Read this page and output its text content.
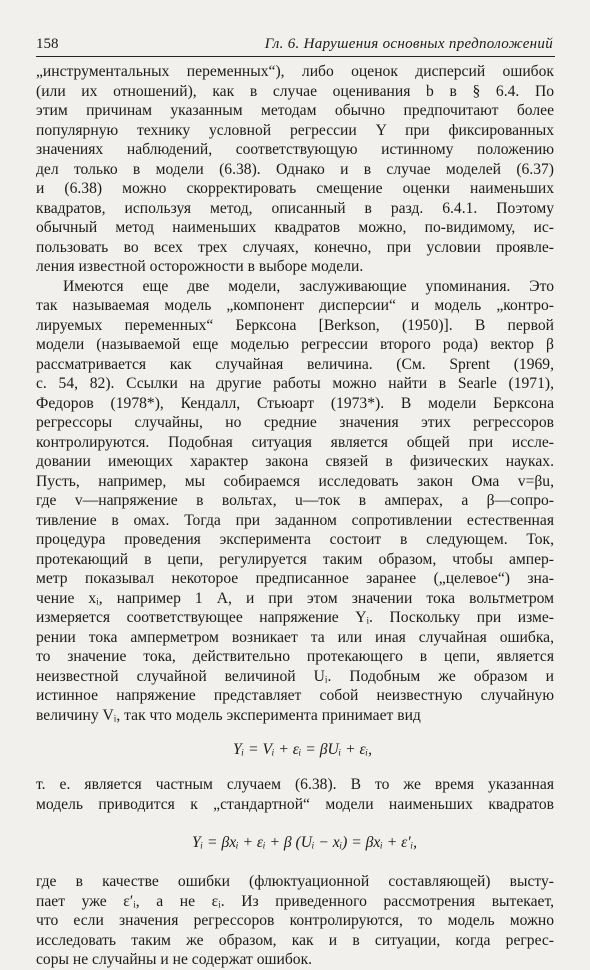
158	Гл. 6. Нарушения основных предположений
„инструментальных переменных“), либо оценок дисперсий ошибок
(или их отношений), как в случае оценивания b в § 6.4. По
этим причинам указанным методам обычно предпочитают более
популярную технику условной регрессии Y при фиксированных
значениях наблюдений, соответствующую истинному положению
дел только в модели (6.38). Однако и в случае моделей (6.37)
и (6.38) можно скорректировать смещение оценки наименьших
квадратов, используя метод, описанный в разд. 6.4.1. Поэтому
обычный метод наименьших квадратов можно, по-видимому, ис-
пользовать во всех трех случаях, конечно, при условии проявле-
ления известной осторожности в выборе модели.
Имеются еще две модели, заслуживающие упоминания. Это
так называемая модель „компонент дисперсии“ и модель „контро-
лируемых переменных“ Берксона [Berkson, (1950)]. В первой
модели (называемой еще моделью регрессии второго рода) вектор β
рассматривается как случайная величина. (См. Sprent (1969,
с. 54, 82). Ссылки на другие работы можно найти в Searle (1971),
Федоров (1978*), Кендалл, Стьюарт (1973*). В модели Берксона
регрессоры случайны, но средние значения этих регрессоров
контролируются. Подобная ситуация является общей при иссле-
довании имеющих характер закона связей в физических науках.
Пусть, например, мы собираемся исследовать закон Ома v=βu,
где v—напряжение в вольтах, u—ток в амперах, а β—сопро-
тивление в омах. Тогда при заданном сопротивлении естественная
процедура проведения эксперимента состоит в следующем. Ток,
протекающий в цепи, регулируется таким образом, чтобы ампер-
метр показывал некоторое предписанное заранее („целевое“) зна-
чение xᵢ, например 1 А, и при этом значении тока вольтметром
измеряется соответствующее напряжение Yᵢ. Поскольку при изме-
рении тока амперметром возникает та или иная случайная ошибка,
то значение тока, действительно протекающего в цепи, является
неизвестной случайной величиной Uᵢ. Подобным же образом и
истинное напряжение представляет собой неизвестную случайную
величину Vᵢ, так что модель эксперимента принимает вид
Yᵢ = Vᵢ + εᵢ = βUᵢ + εᵢ,
т. е. является частным случаем (6.38). В то же время указанная
модель приводится к „стандартной“ модели наименьших квадратов
Yᵢ = βxᵢ + εᵢ + β (Uᵢ − xᵢ) = βxᵢ + ε′ᵢ,
где в качестве ошибки (флюктуационной составляющей) высту-
пает уже ε′ᵢ, а не εᵢ. Из приведенного рассмотрения вытекает,
что если значения регрессоров контролируются, то модель можно
исследовать таким же образом, как и в ситуации, когда регрес-
соры не случайны и не содержат ошибок.
